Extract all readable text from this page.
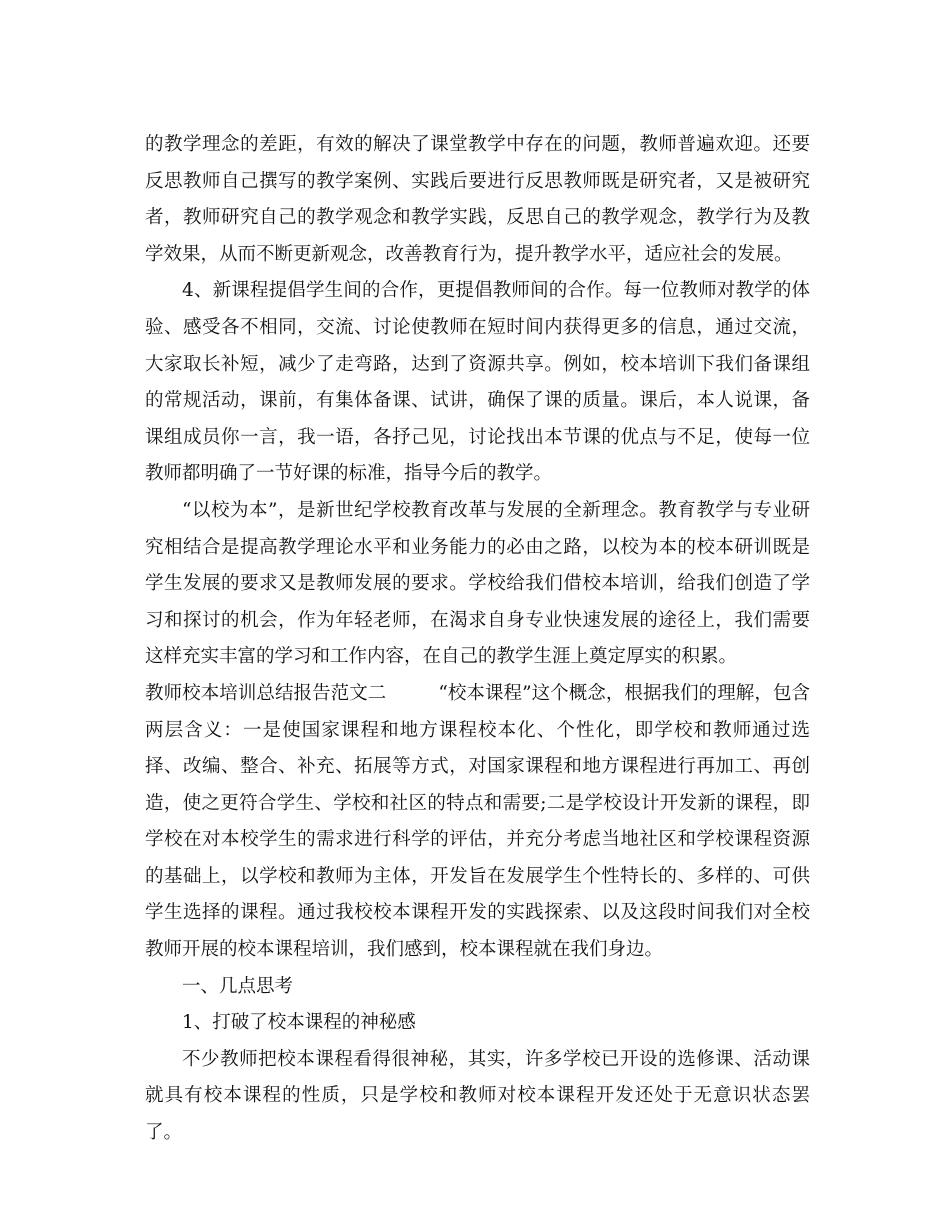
的教学理念的差距，有效的解决了课堂教学中存在的问题，教师普遍欢迎。还要反思教师自己撰写的教学案例、实践后要进行反思教师既是研究者，又是被研究者，教师研究自己的教学观念和教学实践，反思自己的教学观念，教学行为及教学效果，从而不断更新观念，改善教育行为，提升教学水平，适应社会的发展。

4、新课程提倡学生间的合作，更提倡教师间的合作。每一位教师对教学的体验、感受各不相同，交流、讨论使教师在短时间内获得更多的信息，通过交流，大家取长补短，减少了走弯路，达到了资源共享。例如，校本培训下我们备课组的常规活动，课前，有集体备课、试讲，确保了课的质量。课后，本人说课，备课组成员你一言，我一语，各抒己见，讨论找出本节课的优点与不足，使每一位教师都明确了一节好课的标准，指导今后的教学。

“以校为本”，是新世纪学校教育改革与发展的全新理念。教育教学与专业研究相结合是提高教学理论水平和业务能力的必由之路，以校为本的校本研训既是学生发展的要求又是教师发展的要求。学校给我们借校本培训，给我们创造了学习和探讨的机会，作为年轻老师，在渴求自身专业快速发展的途径上，我们需要这样充实丰富的学习和工作内容，在自己的教学生涯上奠定厚实的积累。

教师校本培训总结报告范文二	“校本课程”这个概念，根据我们的理解，包含两层含义：一是使国家课程和地方课程校本化、个性化，即学校和教师通过选择、改编、整合、补充、拓展等方式，对国家课程和地方课程进行再加工、再创造，使之更符合学生、学校和社区的特点和需要;二是学校设计开发新的课程，即学校在对本校学生的需求进行科学的评估，并充分考虑当地社区和学校课程资源的基础上，以学校和教师为主体，开发旨在发展学生个性特长的、多样的、可供学生选择的课程。通过我校校本课程开发的实践探索、以及这段时间我们对全校教师开展的校本课程培训，我们感到，校本课程就在我们身边。

一、几点思考

1、打破了校本课程的神秘感

不少教师把校本课程看得很神秘，其实，许多学校已开设的选修课、活动课就具有校本课程的性质，只是学校和教师对校本课程开发还处于无意识状态罢了。
